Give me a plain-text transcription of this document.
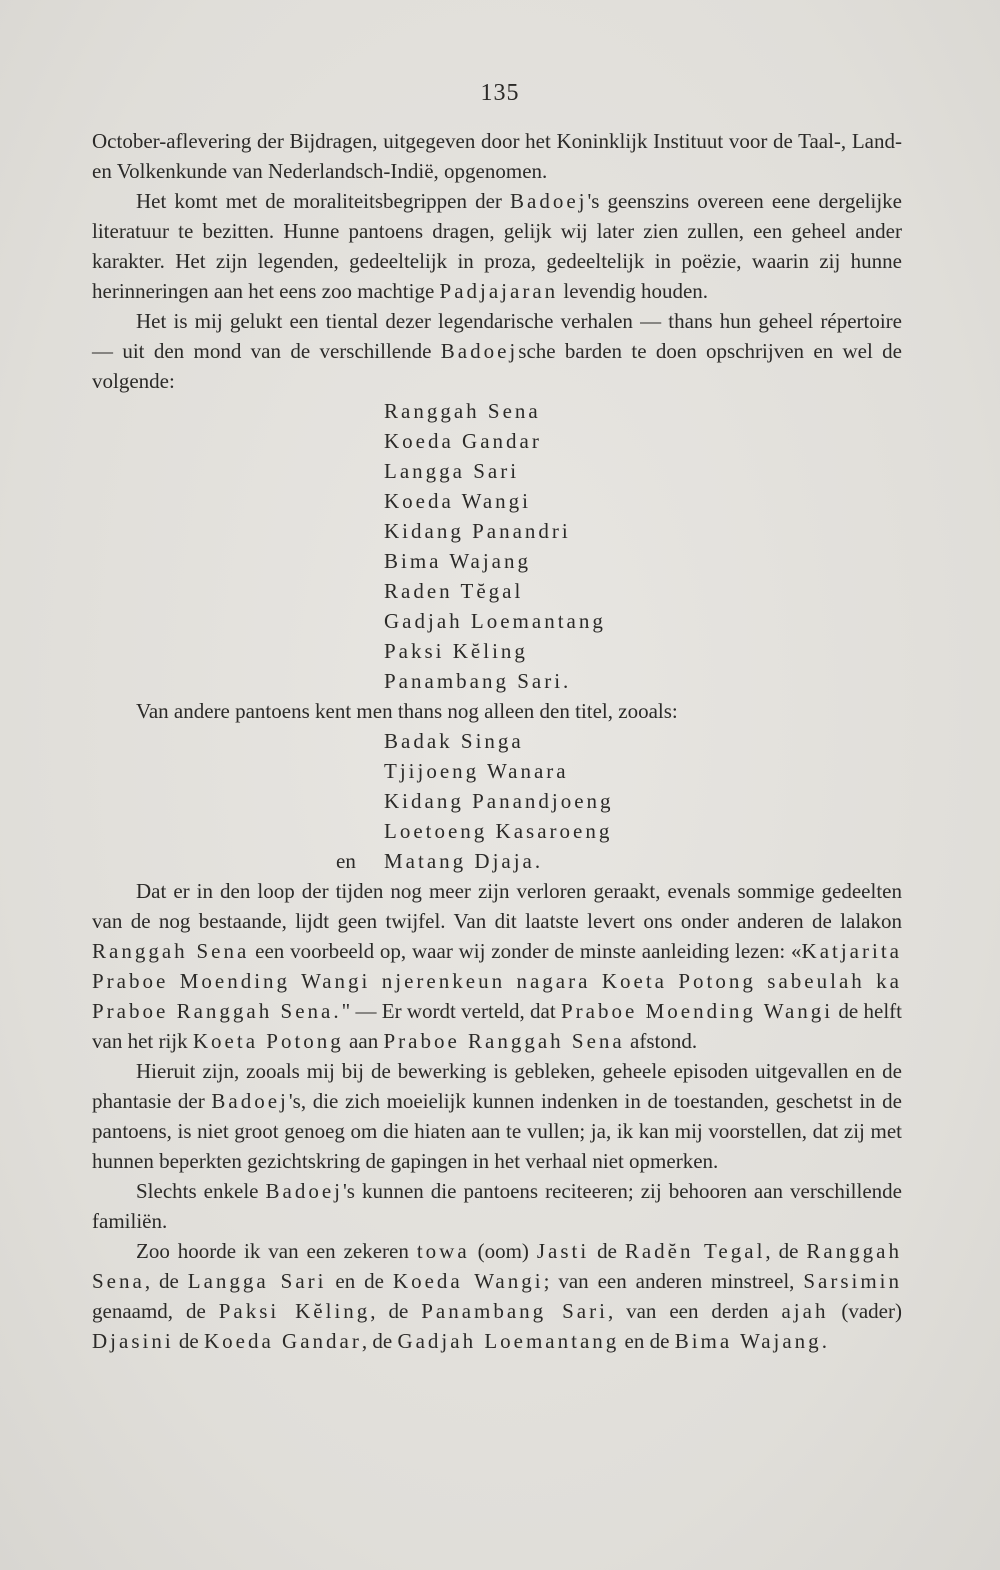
135

October-aflevering der Bijdragen, uitgegeven door het Koninklijk Instituut voor de Taal-, Land- en Volkenkunde van Nederlandsch-Indië, opgenomen.

Het komt met de moraliteitsbegrippen der Badoej's geenszins overeen eene dergelijke literatuur te bezitten. Hunne pantoens dragen, gelijk wij later zien zullen, een geheel ander karakter. Het zijn legenden, gedeeltelijk in proza, gedeeltelijk in poëzie, waarin zij hunne herinneringen aan het eens zoo machtige Padjajaran levendig houden.

Het is mij gelukt een tiental dezer legendarische verhalen — thans hun geheel répertoire — uit den mond van de verschillende Badoejsche barden te doen opschrijven en wel de volgende:

Ranggah Sena
Koeda Gandar
Langga Sari
Koeda Wangi
Kidang Panandri
Bima Wajang
Raden Tĕgal
Gadjah Loemantang
Paksi Kĕling
Panambang Sari.

Van andere pantoens kent men thans nog alleen den titel, zooals:

Badak Singa
Tjijoeng Wanara
Kidang Panandjoeng
Loetoeng Kasaroeng
en Matang Djaja.

Dat er in den loop der tijden nog meer zijn verloren geraakt, evenals sommige gedeelten van de nog bestaande, lijdt geen twijfel. Van dit laatste levert ons onder anderen de lalakon Ranggah Sena een voorbeeld op, waar wij zonder de minste aanleiding lezen: «Katjarita Praboe Moending Wangi njerenkeun nagara Koeta Potong sabeulah ka Praboe Ranggah Sena." — Er wordt verteld, dat Praboe Moending Wangi de helft van het rijk Koeta Potong aan Praboe Ranggah Sena afstond.

Hieruit zijn, zooals mij bij de bewerking is gebleken, geheele episoden uitgevallen en de phantasie der Badoej's, die zich moeielijk kunnen indenken in de toestanden, geschetst in de pantoens, is niet groot genoeg om die hiaten aan te vullen; ja, ik kan mij voorstellen, dat zij met hunnen beperkten gezichtskring de gapingen in het verhaal niet opmerken.

Slechts enkele Badoej's kunnen die pantoens reciteeren; zij behooren aan verschillende familiën.

Zoo hoorde ik van een zekeren towa (oom) Jasti de Radĕn Tegal, de Ranggah Sena, de Langga Sari en de Koeda Wangi; van een anderen minstreel, Sarsimin genaamd, de Paksi Kĕling, de Panambang Sari, van een derden ajah (vader) Djasini de Koeda Gandar, de Gadjah Loemantang en de Bima Wajang.
